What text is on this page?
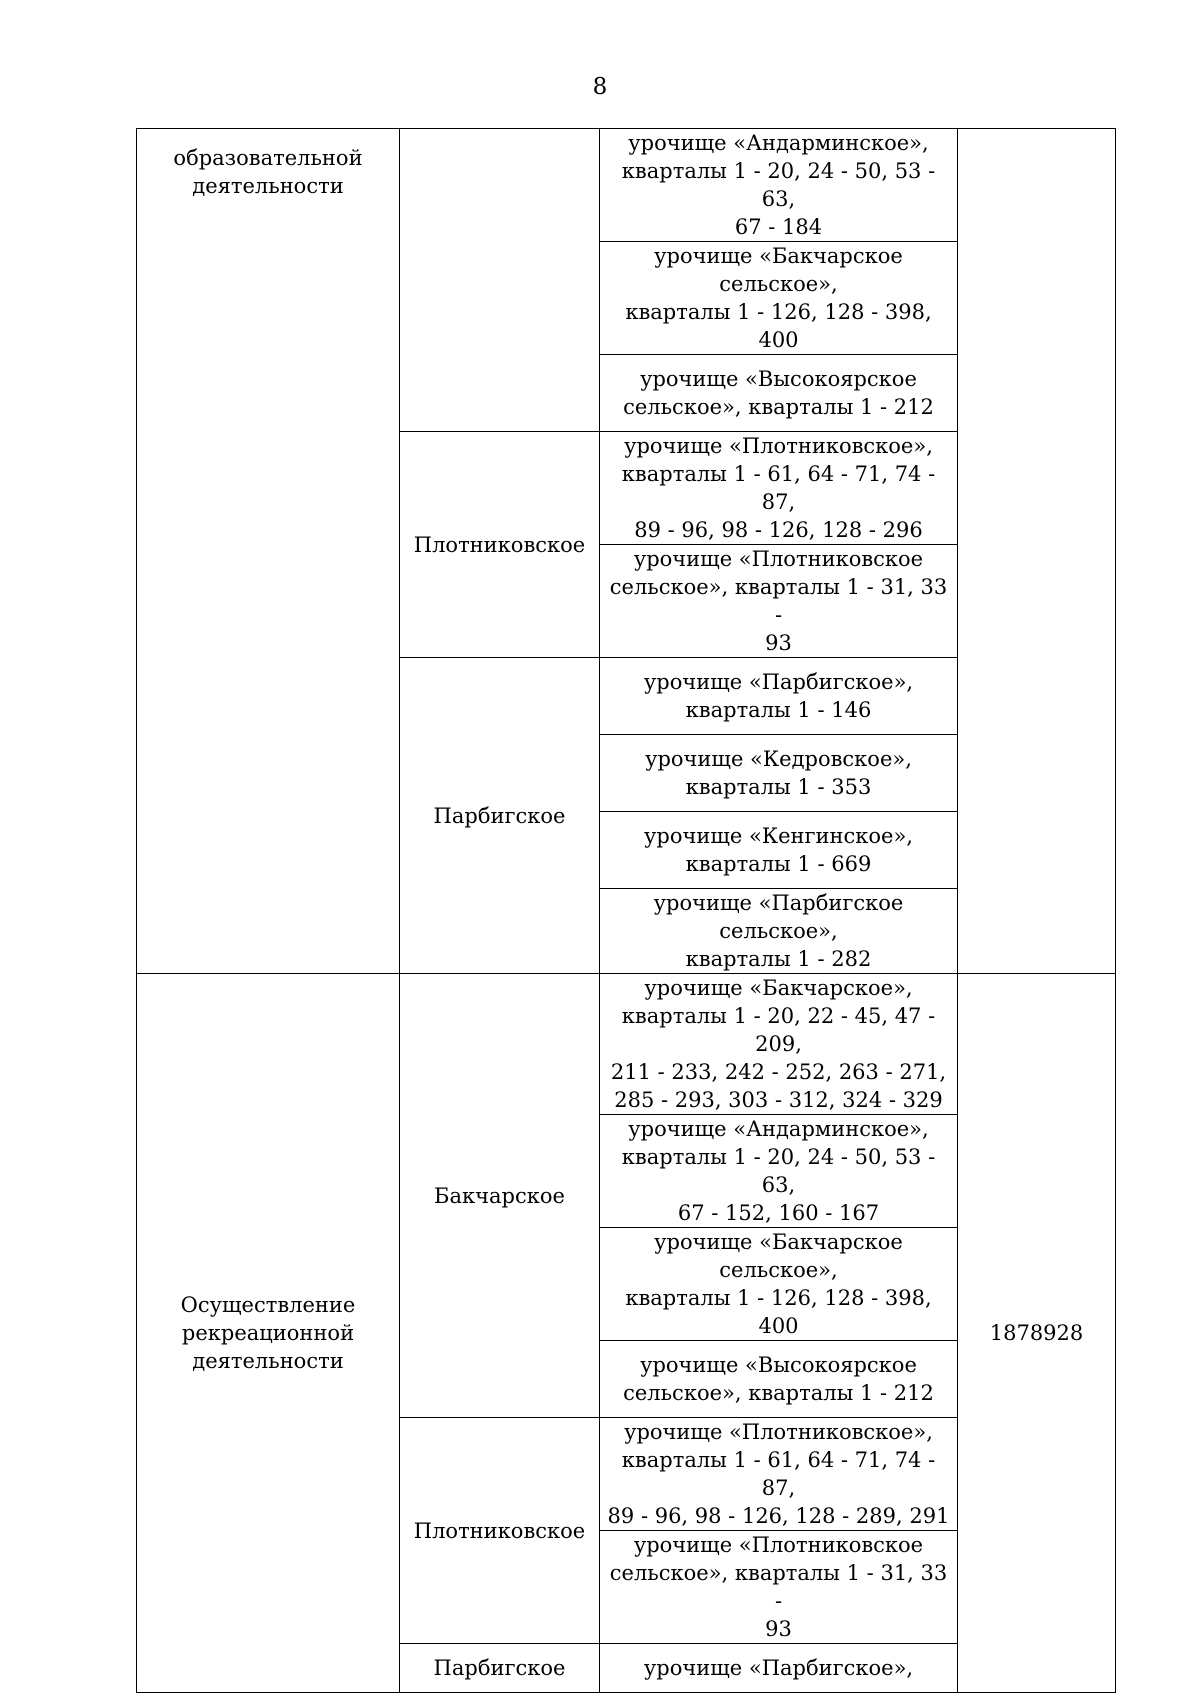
8
образовательной
деятельности		урочище «Андарминское»,
кварталы 1 - 20, 24 - 50, 53 - 63,
67 - 184	

		урочище «Бакчарское сельское»,
кварталы 1 - 126, 128 - 398, 400	

		урочище «Высокоярское
сельское», кварталы 1 - 212	

	Плотниковское	урочище «Плотниковское»,
кварталы 1 - 61, 64 - 71, 74 - 87,
89 - 96, 98 - 126, 128 - 296	

		урочище «Плотниковское
сельское», кварталы 1 - 31, 33 -
93	

	Парбигское	урочище «Парбигское»,
кварталы 1 - 146	

		урочище «Кедровское»,
кварталы 1 - 353	

		урочище «Кенгинское»,
кварталы 1 - 669	

		урочище «Парбигское сельское»,
кварталы 1 - 282	

Осуществление
рекреационной
деятельности	Бакчарское	урочище «Бакчарское»,
кварталы 1 - 20, 22 - 45, 47 - 209,
211 - 233, 242 - 252, 263 - 271,
285 - 293, 303 - 312, 324 - 329	1878928

		урочище «Андарминское»,
кварталы 1 - 20, 24 - 50, 53 - 63,
67 - 152, 160 - 167	

		урочище «Бакчарское сельское»,
кварталы 1 - 126, 128 - 398, 400	

		урочище «Высокоярское
сельское», кварталы 1 - 212	

	Плотниковское	урочище «Плотниковское»,
кварталы 1 - 61, 64 - 71, 74 - 87,
89 - 96, 98 - 126, 128 - 289, 291	

		урочище «Плотниковское
сельское», кварталы 1 - 31, 33 -
93	

	Парбигское	урочище «Парбигское»,	
